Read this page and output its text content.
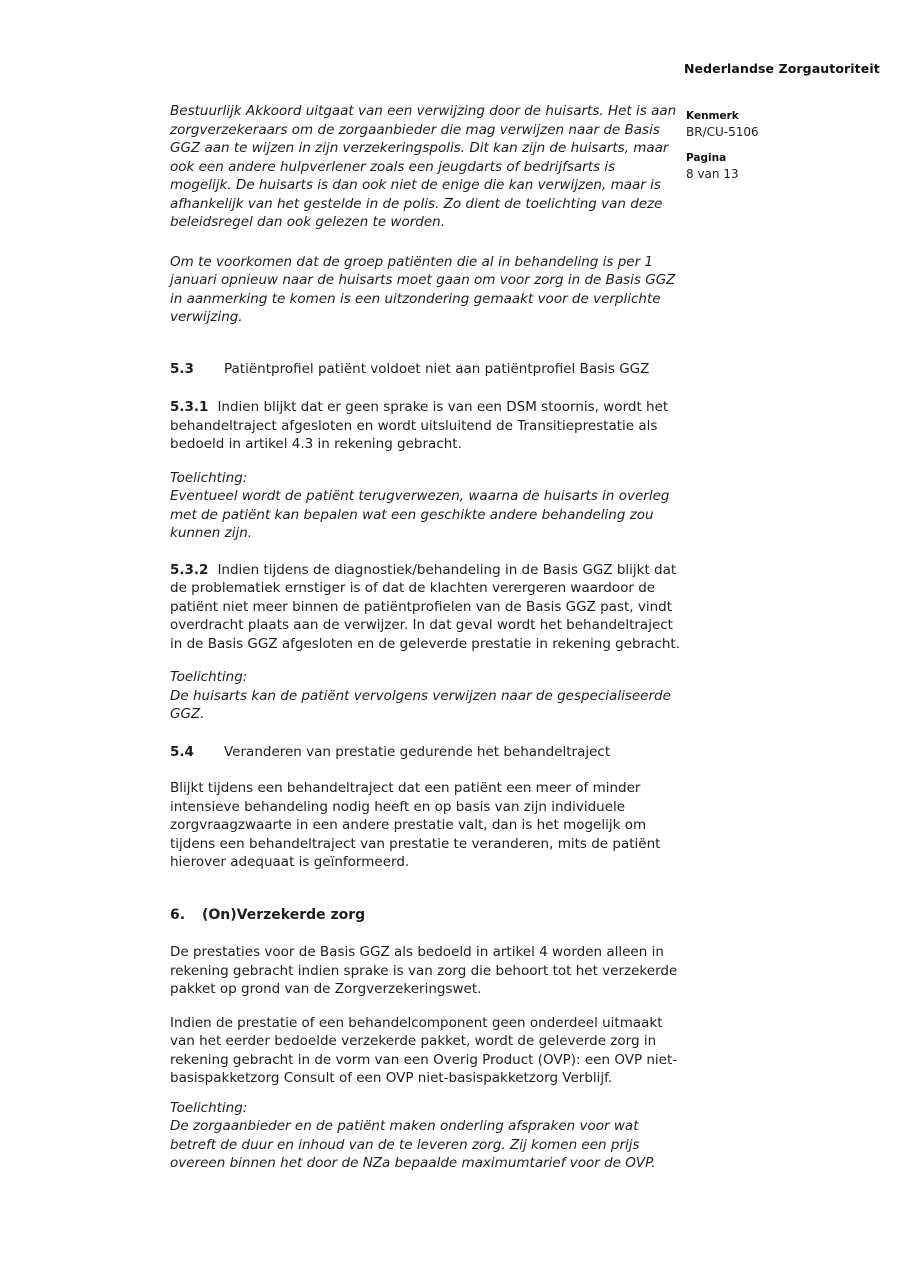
Nederlandse Zorgautoriteit
Kenmerk
BR/CU-5106
Pagina
8 van 13

Bestuurlijk Akkoord uitgaat van een verwijzing door de huisarts. Het is aan zorgverzekeraars om de zorgaanbieder die mag verwijzen naar de Basis GGZ aan te wijzen in zijn verzekeringspolis. Dit kan zijn de huisarts, maar ook een andere hulpverlener zoals een jeugdarts of bedrijfsarts is mogelijk. De huisarts is dan ook niet de enige die kan verwijzen, maar is afhankelijk van het gestelde in de polis. Zo dient de toelichting van deze beleidsregel dan ook gelezen te worden.

Om te voorkomen dat de groep patiënten die al in behandeling is per 1 januari opnieuw naar de huisarts moet gaan om voor zorg in de Basis GGZ in aanmerking te komen is een uitzondering gemaakt voor de verplichte verwijzing.

5.3 Patiëntprofiel patiënt voldoet niet aan patiëntprofiel Basis GGZ

5.3.1 Indien blijkt dat er geen sprake is van een DSM stoornis, wordt het behandeltraject afgesloten en wordt uitsluitend de Transitieprestatie als bedoeld in artikel 4.3 in rekening gebracht.

Toelichting:

Eventueel wordt de patiënt terugverwezen, waarna de huisarts in overleg met de patiënt kan bepalen wat een geschikte andere behandeling zou kunnen zijn.

5.3.2 Indien tijdens de diagnostiek/behandeling in de Basis GGZ blijkt dat de problematiek ernstiger is of dat de klachten verergeren waardoor de patiënt niet meer binnen de patiëntprofielen van de Basis GGZ past, vindt overdracht plaats aan de verwijzer. In dat geval wordt het behandeltraject in de Basis GGZ afgesloten en de geleverde prestatie in rekening gebracht.

Toelichting:

De huisarts kan de patiënt vervolgens verwijzen naar de gespecialiseerde GGZ.

5.4 Veranderen van prestatie gedurende het behandeltraject

Blijkt tijdens een behandeltraject dat een patiënt een meer of minder intensieve behandeling nodig heeft en op basis van zijn individuele zorgvraagzwaarte in een andere prestatie valt, dan is het mogelijk om tijdens een behandeltraject van prestatie te veranderen, mits de patiënt hierover adequaat is geïnformeerd.

6. (On)Verzekerde zorg

De prestaties voor de Basis GGZ als bedoeld in artikel 4 worden alleen in rekening gebracht indien sprake is van zorg die behoort tot het verzekerde pakket op grond van de Zorgverzekeringswet.

Indien de prestatie of een behandelcomponent geen onderdeel uitmaakt van het eerder bedoelde verzekerde pakket, wordt de geleverde zorg in rekening gebracht in de vorm van een Overig Product (OVP): een OVP niet-basispakketzorg Consult of een OVP niet-basispakketzorg Verblijf.

Toelichting:

De zorgaanbieder en de patiënt maken onderling afspraken voor wat betreft de duur en inhoud van de te leveren zorg. Zij komen een prijs overeen binnen het door de NZa bepaalde maximumtarief voor de OVP.
